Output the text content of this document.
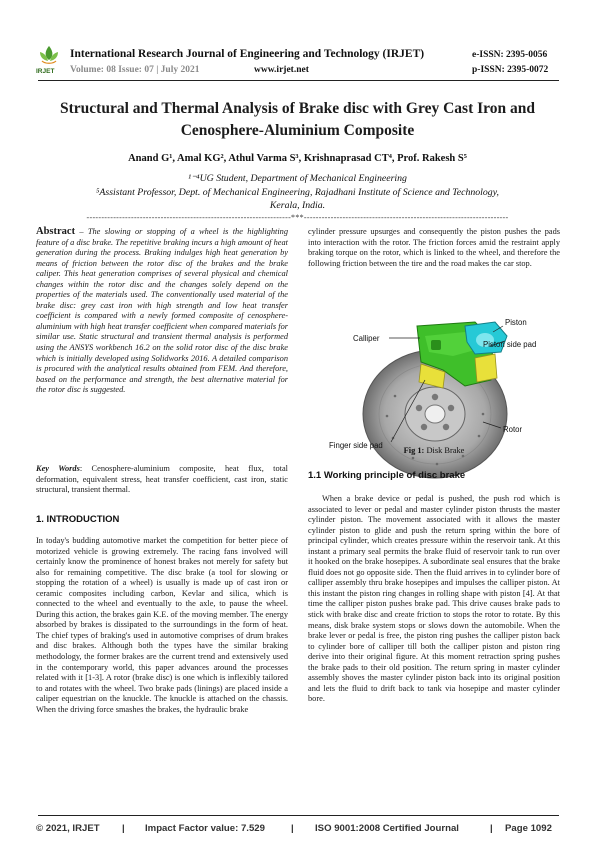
IRJET
International Research Journal of Engineering and Technology (IRJET)	e-ISSN: 2395-0056
Volume: 08 Issue: 07 | July 2021	www.irjet.net	p-ISSN: 2395-0072
Structural and Thermal Analysis of Brake disc with Grey Cast Iron and
Cenosphere-Aluminium Composite
Anand G¹, Amal KG², Athul Varma S³, Krishnaprasad CT⁴, Prof. Rakesh S⁵
¹⁻⁴UG Student, Department of Mechanical Engineering
⁵Assistant Professor, Dept. of Mechanical Engineering, Rajadhani Institute of Science and Technology,
Kerala, India.
---------------------------------------------------------------------***---------------------------------------------------------------------

Abstract – The slowing or stopping of a wheel is the highlighting feature of a disc brake. The repetitive braking incurs a high amount of heat generation during the process. Braking indulges high heat generation by means of friction between the rotor disc of the brakes and the brake caliper. This heat generation comprises of several physical and chemical changes within the rotor disc and the changes solely depend on the properties of the materials used. The conventionally used material of the brake disc: grey cast iron with high strength and low heat transfer coefficient is compared with a newly formed composite of cenosphere-aluminium with high heat transfer coefficient when compared materials for similar use. Static structural and transient thermal analysis is performed using the ANSYS workbench 16.2 on the solid rotor disc of the disc brake which is initially developed using Solidworks 2016. A detailed comparison is procured with the analytical results obtained from FEM. And therefore, based on the performance and strength, the best alternative material for the rotor disc is suggested.

Key Words: Cenosphere-aluminium composite, heat flux, total deformation, equivalent stress, heat transfer coefficient, cast iron, static structural, transient thermal.

1. INTRODUCTION

In today's budding automotive market the competition for better piece of motorized vehicle is growing extremely. The racing fans involved will certainly know the prominence of honest brakes not merely for safety but also for remaining competitive. The disc brake (a tool for slowing or stopping the rotation of a wheel) is usually is made up of cast iron or ceramic composites including carbon, Kevlar and silica, which is connected to the wheel and eventually to the axle, to pause the wheel. During this action, the brakes gain K.E. of the moving member. The energy absorbed by brakes is dissipated to the surroundings in the form of heat. The chief types of braking's used in automotive comprises of drum brakes and disc brakes. Although both the types have the similar braking methodology, the former brakes are the current trend and extensively used in the contemporary world, this paper advances around the processes related with it [1-3]. A rotor (brake disc) is one which is inflexibly tailored to and rotates with the wheel. Two brake pads (linings) are placed inside a caliper equestrian on the knuckle. The knuckle is attached on the chassis. When the driving force smashes the brakes, the hydraulic brake

cylinder pressure upsurges and consequently the piston pushes the pads into interaction with the rotor. The friction forces amid the restraint apply braking torque on the rotor, which is linked to the wheel, and therefore the following friction between the tire and the road makes the car stop.

Calliper
Piston
Piston side pad
Finger side pad
Rotor
Fig 1: Disk Brake
1.1 Working principle of disc brake

When a brake device or pedal is pushed, the push rod which is associated to lever or pedal and master cylinder piston thrusts the master cylinder piston. The movement associated with it allows the master cylinder piston to glide and push the return spring within the bore of principal cylinder, which creates pressure within the reservoir tank. At this instant a primary seal permits the brake fluid of reservoir tank to run over it hooked on the brake hosepipes. A subordinate seal ensures that the brake fluid does not go opposite side. Then the fluid arrives in to cylinder bore of calliper assembly thru brake hosepipes and impulses the calliper piston. At this instant the piston ring changes in rolling shape with piston [4]. At that time the calliper piston pushes brake pad. This drive causes brake pads to stick with brake disc and create friction to stops the rotor to rotate. By this means, disk brake system stops or slows down the automobile. When the brake lever or pedal is free, the piston ring pushes the calliper piston back to cylinder bore of calliper till both the calliper piston and piston ring derive into their original figure. At this moment retraction spring pushes the brake pads to their old position. The return spring in master cylinder assembly shoves the master cylinder piston back into its original position and lets the fluid to drift back to tank via hosepipe and master cylinder bore.

© 2021, IRJET | Impact Factor value: 7.529	| ISO 9001:2008 Certified Journal	| Page 1092
